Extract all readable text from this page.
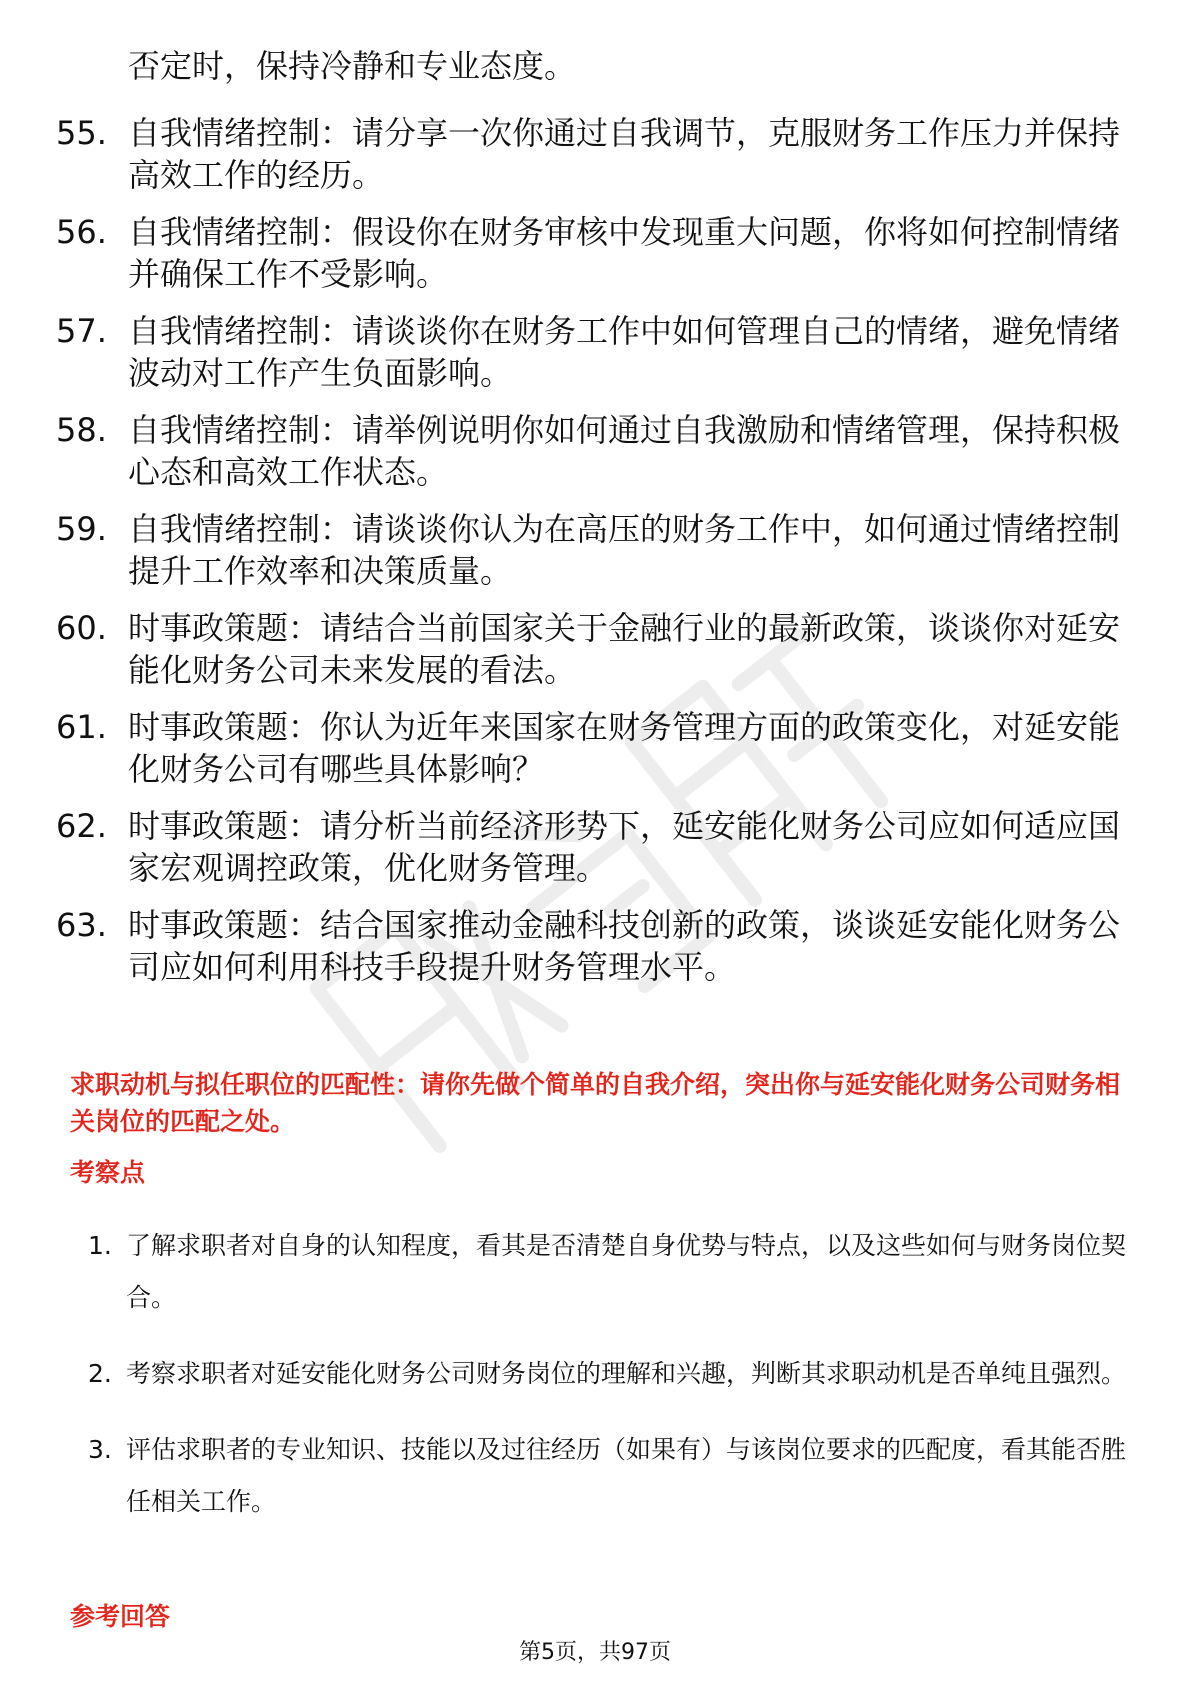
否定时，保持冷静和专业态度。
55. 自我情绪控制：请分享一次你通过自我调节，克服财务工作压力并保持高效工作的经历。
56. 自我情绪控制：假设你在财务审核中发现重大问题，你将如何控制情绪并确保工作不受影响。
57. 自我情绪控制：请谈谈你在财务工作中如何管理自己的情绪，避免情绪波动对工作产生负面影响。
58. 自我情绪控制：请举例说明你如何通过自我激励和情绪管理，保持积极心态和高效工作状态。
59. 自我情绪控制：请谈谈你认为在高压的财务工作中，如何通过情绪控制提升工作效率和决策质量。
60. 时事政策题：请结合当前国家关于金融行业的最新政策，谈谈你对延安能化财务公司未来发展的看法。
61. 时事政策题：你认为近年来国家在财务管理方面的政策变化，对延安能化财务公司有哪些具体影响？
62. 时事政策题：请分析当前经济形势下，延安能化财务公司应如何适应国家宏观调控政策，优化财务管理。
63. 时事政策题：结合国家推动金融科技创新的政策，谈谈延安能化财务公司应如何利用科技手段提升财务管理水平。
求职动机与拟任职位的匹配性：请你先做个简单的自我介绍，突出你与延安能化财务公司财务相关岗位的匹配之处。
考察点
1. 了解求职者对自身的认知程度，看其是否清楚自身优势与特点，以及这些如何与财务岗位契合。
2. 考察求职者对延安能化财务公司财务岗位的理解和兴趣，判断其求职动机是否单纯且强烈。
3. 评估求职者的专业知识、技能以及过往经历（如果有）与该岗位要求的匹配度，看其能否胜任相关工作。
参考回答
第5页，共97页
